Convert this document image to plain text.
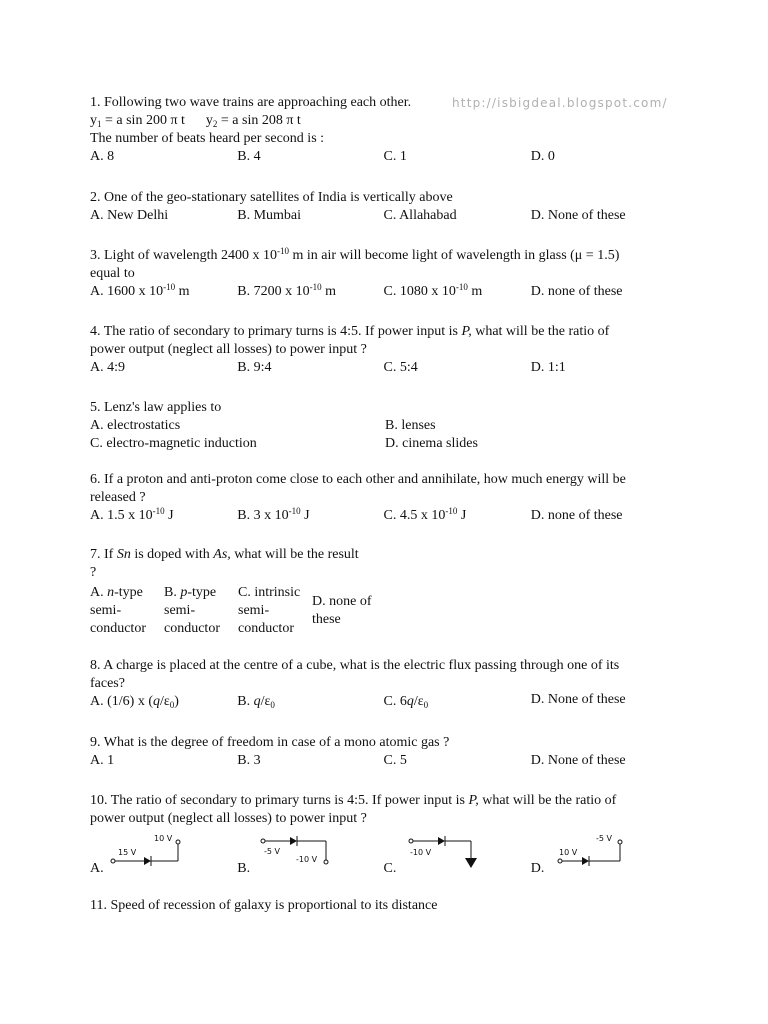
http://isbigdeal.blogspot.com/
1. Following two wave trains are approaching each other.
$y_1 = a$ sin 200 π t $y_2 = a$ sin 208 π t
The number of beats heard per second is :
A. 8	B. 4	C. 1	D. 0
2. One of the geo-stationary satellites of India is vertically above
A. New Delhi	B. Mumbai	C. Allahabad	D. None of these
3. Light of wavelength 2400 x $10^{-10}$ m in air will become light of wavelength in glass (μ = 1.5)
equal to
A. 1600 x $10^{-10}$ m	B. 7200 x $10^{-10}$ m	C. 1080 x $10^{-10}$ m	D. none of these
4. The ratio of secondary to primary turns is 4:5. If power input is P, what will be the ratio of
power output (neglect all losses) to power input ?
A. 4:9	B. 9:4	C. 5:4	D. 1:1
5. Lenz's law applies to
A. electrostatics	B. lenses
C. electro-magnetic induction	D. cinema slides
6. If a proton and anti-proton come close to each other and annihilate, how much energy will be
released ?
A. 1.5 x $10^{-10}$ J	B. 3 x $10^{-10}$ J	C. 4.5 x $10^{-10}$ J	D. none of these
7. If Sn is doped with As, what will be the result
?
A. n-type
semi-
conductor
B. p-type
semi-
conductor
C. intrinsic
semi-
conductor
D. none of
these
8. A charge is placed at the centre of a cube, what is the electric flux passing through one of its
faces?
A. (1/6) x $(q/\varepsilon_0)$	B. $q/\varepsilon_0$	C. $6q/\varepsilon_0$	D. None of these
9. What is the degree of freedom in case of a mono atomic gas ?
A. 1	B. 3	C. 5	D. None of these
10. The ratio of secondary to primary turns is 4:5. If power input is P, what will be the ratio of
power output (neglect all losses) to power input ?
A.	B.	C.	D.
10 V
15 V	-5 V
-10 V
-10 V
-5 V
10 V
11. Speed of recession of galaxy is proportional to its distance
